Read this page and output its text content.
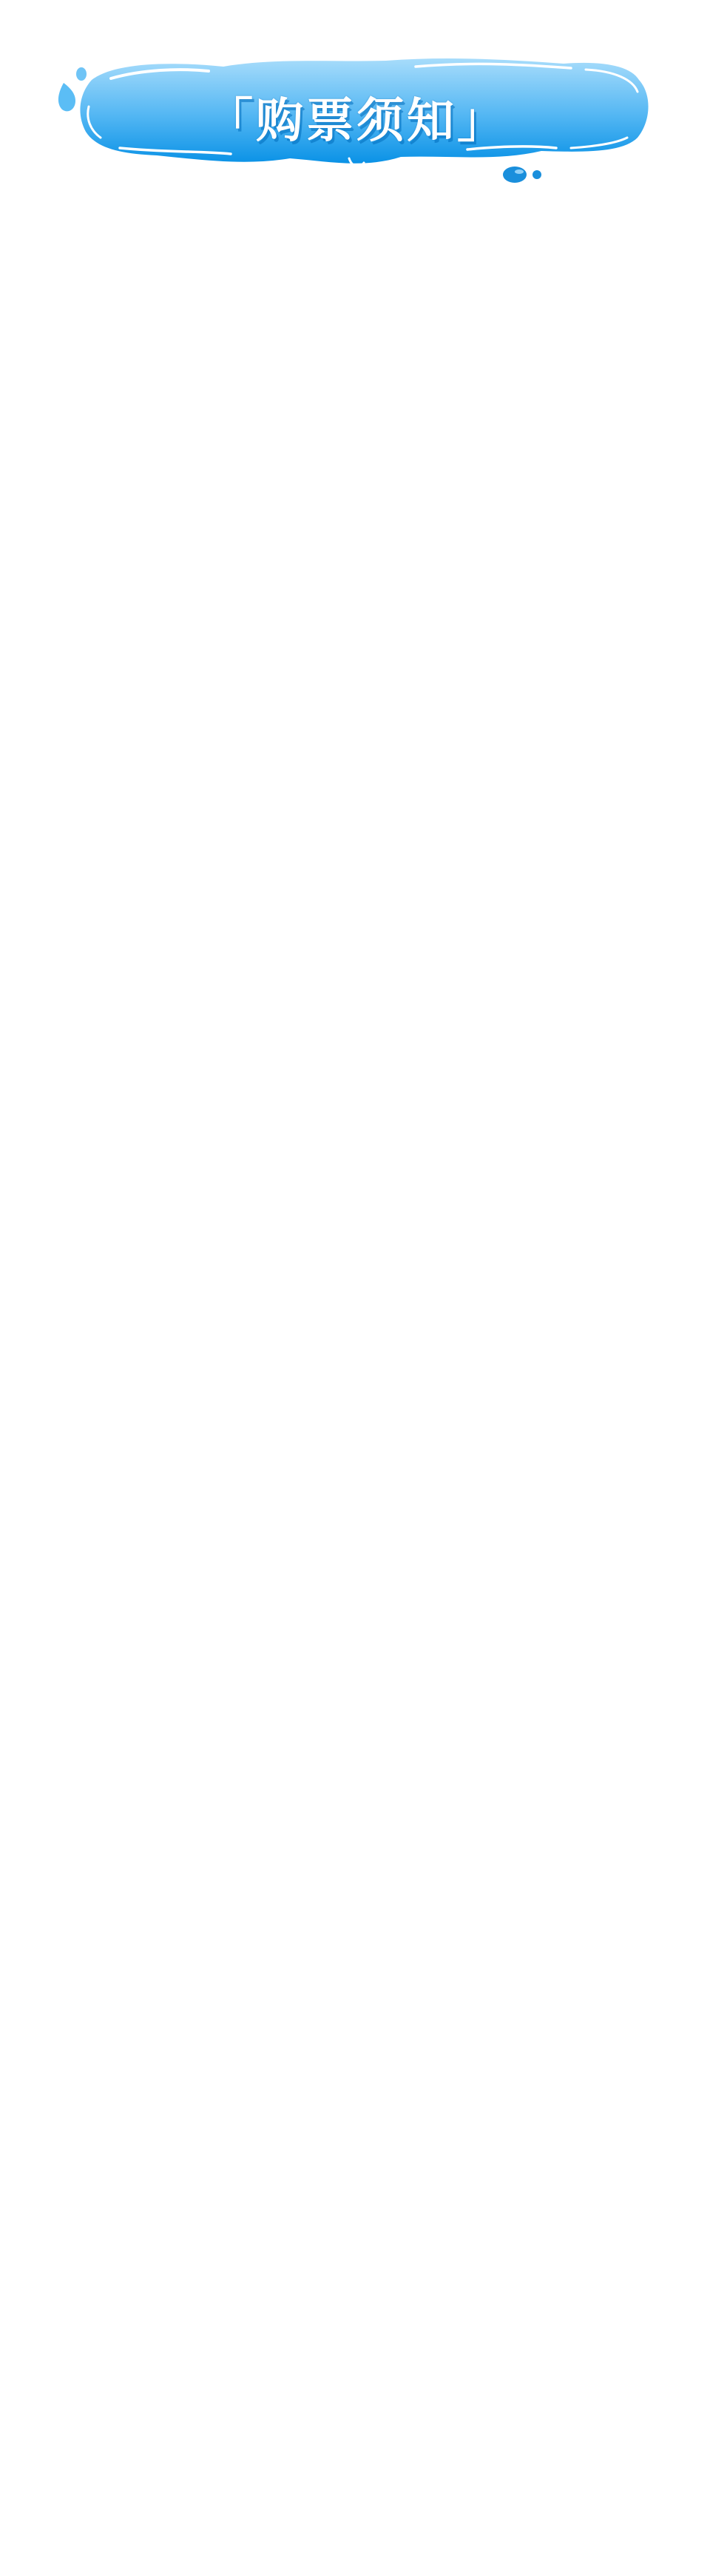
「购票须知」
